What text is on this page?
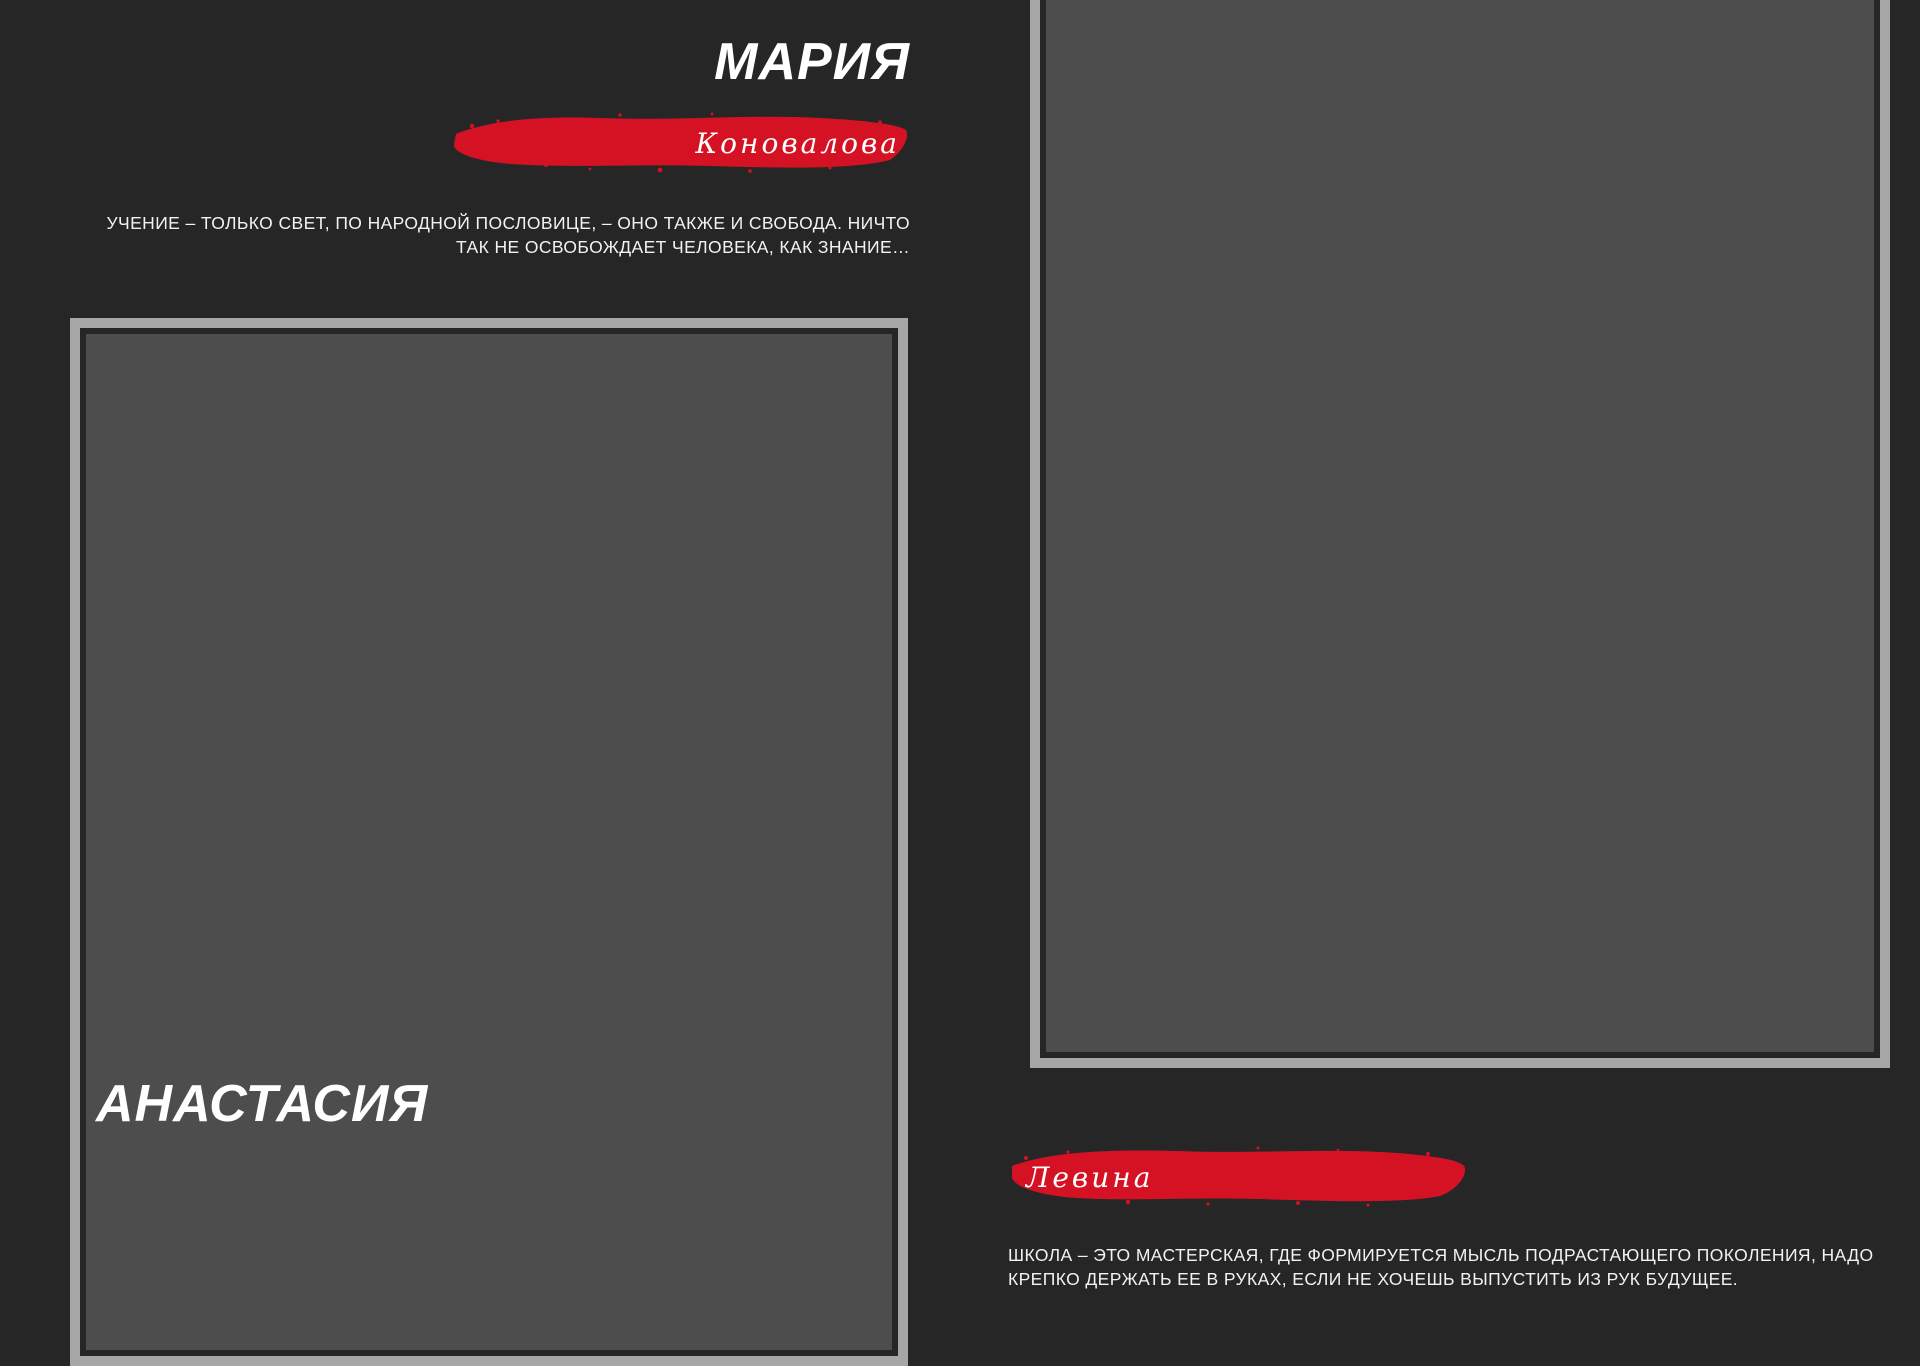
МАРИЯ
Коновалова
УЧЕНИЕ – ТОЛЬКО СВЕТ, ПО НАРОДНОЙ ПОСЛОВИЦЕ, – ОНО ТАКЖЕ И СВОБОДА. НИЧТО ТАК НЕ ОСВОБОЖДАЕТ ЧЕЛОВЕКА, КАК ЗНАНИЕ…
АНАСТАСИЯ
Левина
ШКОЛА – ЭТО МАСТЕРСКАЯ, ГДЕ ФОРМИРУЕТСЯ МЫСЛЬ ПОДРАСТАЮЩЕГО ПОКОЛЕНИЯ, НАДО КРЕПКО ДЕРЖАТЬ ЕЕ В РУКАХ, ЕСЛИ НЕ ХОЧЕШЬ ВЫПУСТИТЬ ИЗ РУК БУДУЩЕЕ.
